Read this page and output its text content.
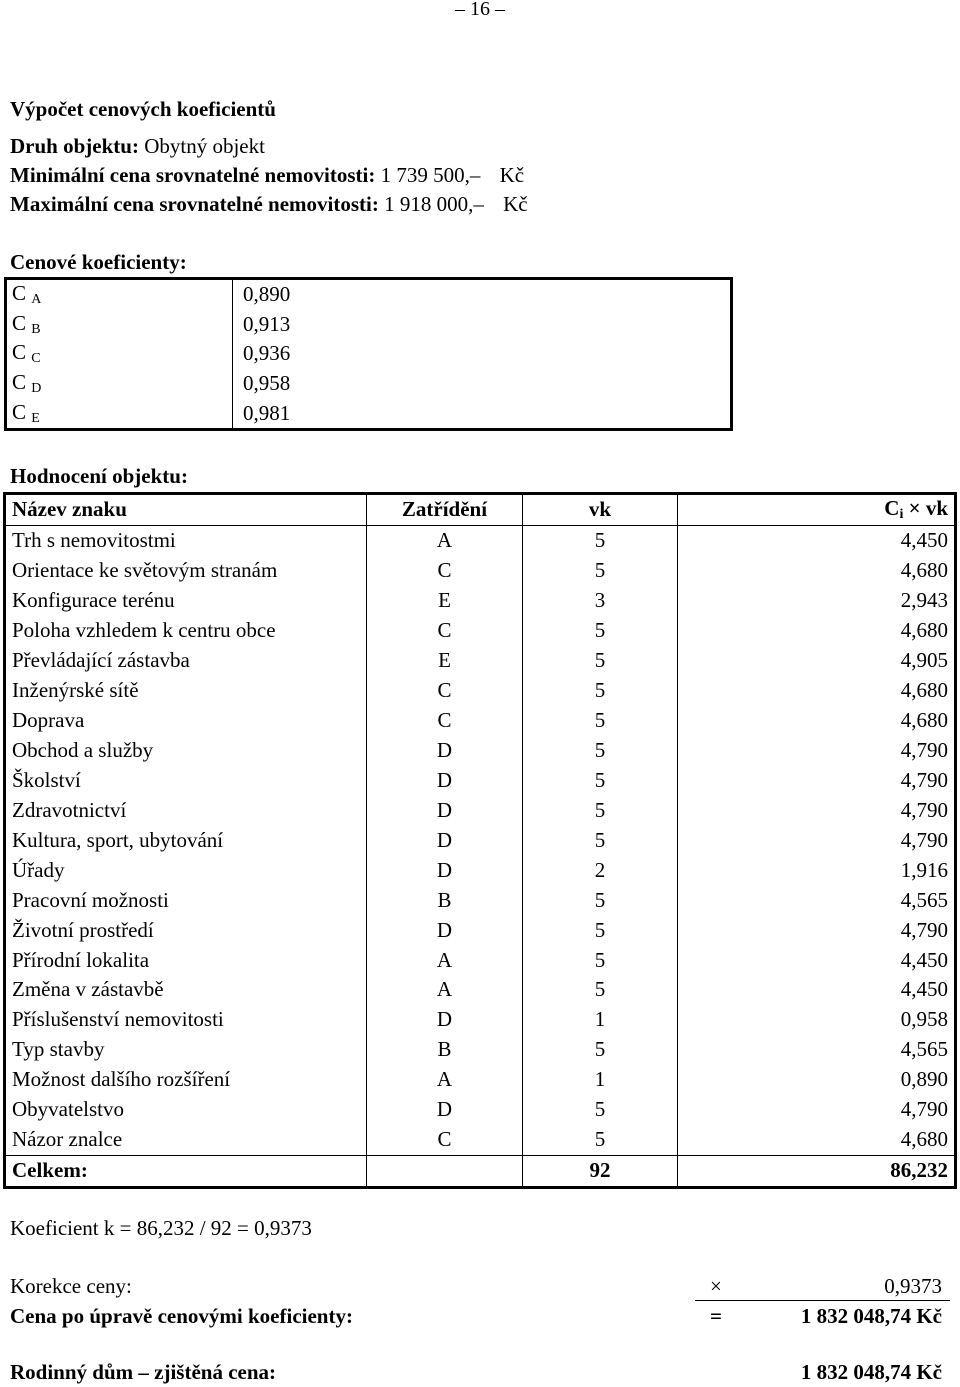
– 16 –
Výpočet cenových koeficientů
Druh objektu: Obytný objekt
Minimální cena srovnatelné nemovitosti: 1 739 500,– Kč
Maximální cena srovnatelné nemovitosti: 1 918 000,– Kč
Cenové koeficienty:
C $_A$	0,890
C $_B$	0,913
C $_C$	0,936
C $_D$	0,958
C $_E$	0,981
Hodnocení objektu:
Název znaku	Zatřídění	vk	$C_i$ × vk
Trh s nemovitostmi	A	5	4,450
Orientace ke světovým stranám	C	5	4,680
Konfigurace terénu	E	3	2,943
Poloha vzhledem k centru obce	C	5	4,680
Převládající zástavba	E	5	4,905
Inženýrské sítě	C	5	4,680
Doprava	C	5	4,680
Obchod a služby	D	5	4,790
Školství	D	5	4,790
Zdravotnictví	D	5	4,790
Kultura, sport, ubytování	D	5	4,790
Úřady	D	2	1,916
Pracovní možnosti	B	5	4,565
Životní prostředí	D	5	4,790
Přírodní lokalita	A	5	4,450
Změna v zástavbě	A	5	4,450
Příslušenství nemovitosti	D	1	0,958
Typ stavby	B	5	4,565
Možnost dalšího rozšíření	A	1	0,890
Obyvatelstvo	D	5	4,790
Názor znalce	C	5	4,680
Celkem:		92	86,232
Koeficient k = 86,232 / 92 = 0,9373
Korekce ceny:	×	0,9373
Cena po úpravě cenovými koeficienty:	=	1 832 048,74 Kč
Rodinný dům – zjištěná cena:	1 832 048,74 Kč
